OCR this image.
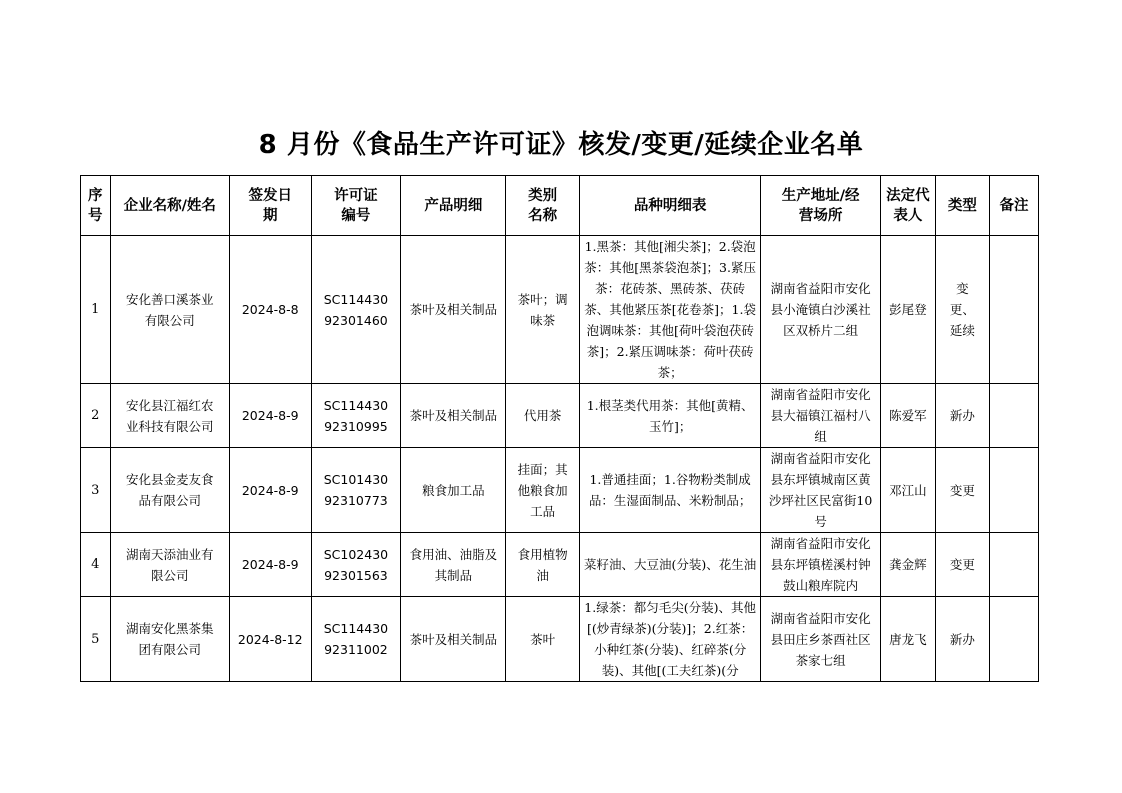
8 月份《食品生产许可证》核发/变更/延续企业名单
序号	企业名称/姓名	签发日期	许可证编号	产品明细	类别名称	品种明细表	生产地址/经营场所	法定代表人	类型	备注
1	安化善口溪茶业有限公司	2024-8-8	SC11443092301460	茶叶及相关制品	茶叶；调味茶	1.黑茶：其他[湘尖茶]；2.袋泡茶：其他[黑茶袋泡茶]；3.紧压茶：花砖茶、黑砖茶、茯砖茶、其他紧压茶[花卷茶]；1.袋泡调味茶：其他[荷叶袋泡茯砖茶]；2.紧压调味茶：荷叶茯砖茶；	湖南省益阳市安化县小淹镇白沙溪社区双桥片二组	彭尾登	变更、延续	
2	安化县江福红农业科技有限公司	2024-8-9	SC11443092310995	茶叶及相关制品	代用茶	1.根茎类代用茶：其他[黄精、玉竹]；	湖南省益阳市安化县大福镇江福村八组	陈爱军	新办	
3	安化县金麦友食品有限公司	2024-8-9	SC10143092310773	粮食加工品	挂面；其他粮食加工品	1.普通挂面；1.谷物粉类制成品：生湿面制品、米粉制品；	湖南省益阳市安化县东坪镇城南区黄沙坪社区民富街10号	邓江山	变更	
4	湖南天添油业有限公司	2024-8-9	SC10243092301563	食用油、油脂及其制品	食用植物油	菜籽油、大豆油(分装)、花生油	湖南省益阳市安化县东坪镇槎溪村钟鼓山粮库院内	龚金辉	变更	
5	湖南安化黑茶集团有限公司	2024-8-12	SC11443092311002	茶叶及相关制品	茶叶	1.绿茶：都匀毛尖(分装)、其他[(炒青绿茶)(分装)]；2.红茶：小种红茶(分装)、红碎茶(分装)、其他[(工夫红茶)(分	湖南省益阳市安化县田庄乡茶酉社区茶家七组	唐龙飞	新办	
